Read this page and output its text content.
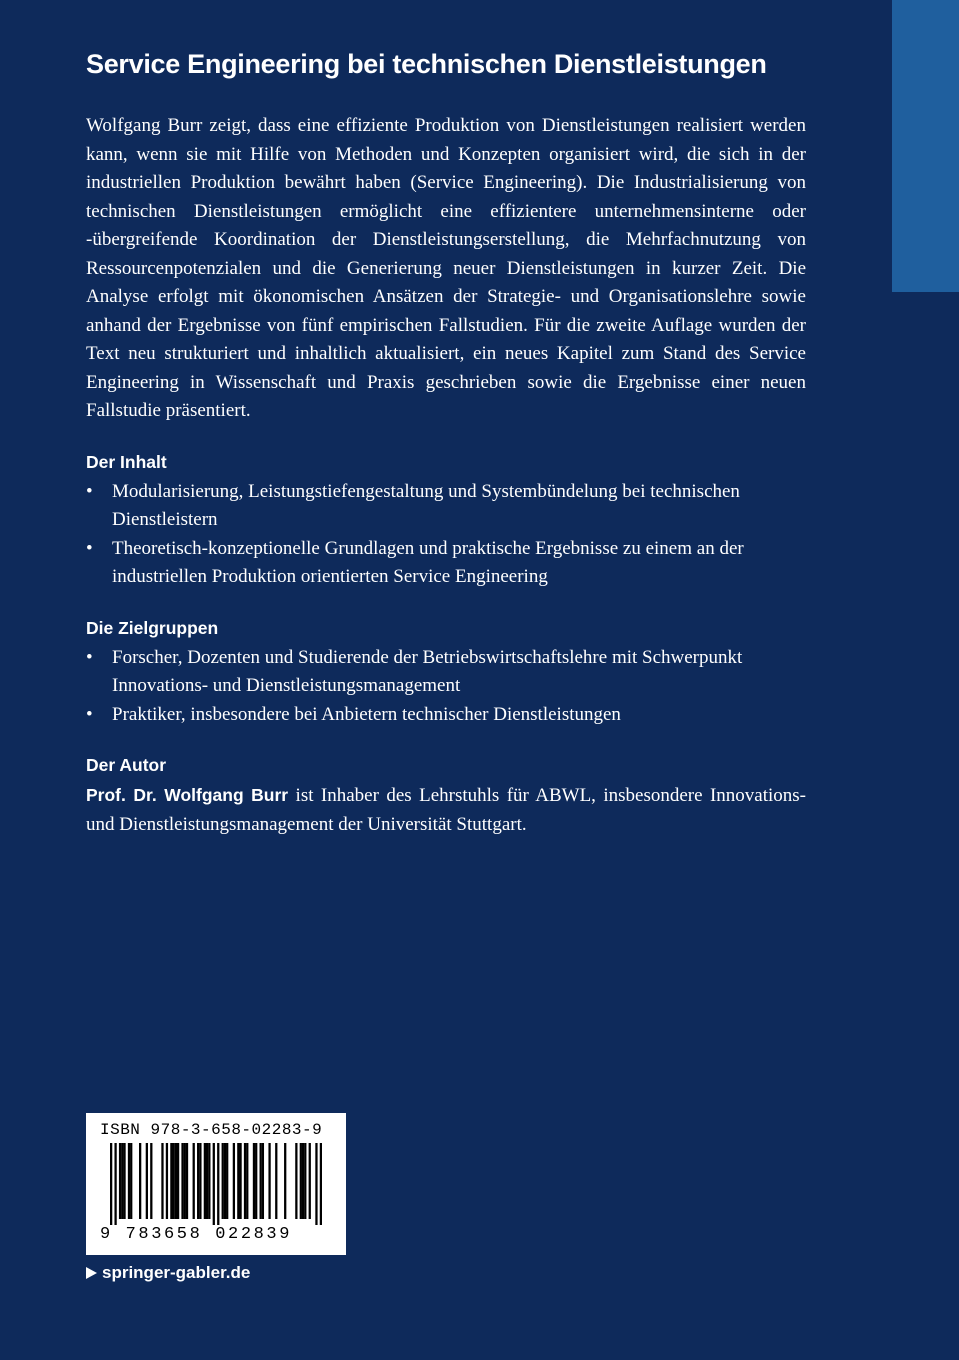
Service Engineering bei technischen Dienstleistungen

Wolfgang Burr zeigt, dass eine effiziente Produktion von Dienstleistungen realisiert werden kann, wenn sie mit Hilfe von Methoden und Konzepten organisiert wird, die sich in der industriellen Produktion bewährt haben (Service Engineering). Die Industrialisierung von technischen Dienstleistungen ermöglicht eine effizientere unternehmensinterne oder -übergreifende Koordination der Dienstleistungserstellung, die Mehrfachnutzung von Ressourcenpotenzialen und die Generierung neuer Dienstleistungen in kurzer Zeit. Die Analyse erfolgt mit ökonomischen Ansätzen der Strategie- und Organisationslehre sowie anhand der Ergebnisse von fünf empirischen Fallstudien. Für die zweite Auflage wurden der Text neu strukturiert und inhaltlich aktualisiert, ein neues Kapitel zum Stand des Service Engineering in Wissenschaft und Praxis geschrieben sowie die Ergebnisse einer neuen Fallstudie präsentiert.

Der Inhalt
• Modularisierung, Leistungstiefengestaltung und Systembündelung bei technischen Dienstleistern
• Theoretisch-konzeptionelle Grundlagen und praktische Ergebnisse zu einem an der industriellen Produktion orientierten Service Engineering
Die Zielgruppen
• Forscher, Dozenten und Studierende der Betriebswirtschaftslehre mit Schwerpunkt Innovations- und Dienstleistungsmanagement
• Praktiker, insbesondere bei Anbietern technischer Dienstleistungen
Der Autor

Prof. Dr. Wolfgang Burr ist Inhaber des Lehrstuhls für ABWL, insbesondere Innovations- und Dienstleistungsmanagement der Universität Stuttgart.

ISBN 978-3-658-02283-9
9 783658 022839
springer-gabler.de
